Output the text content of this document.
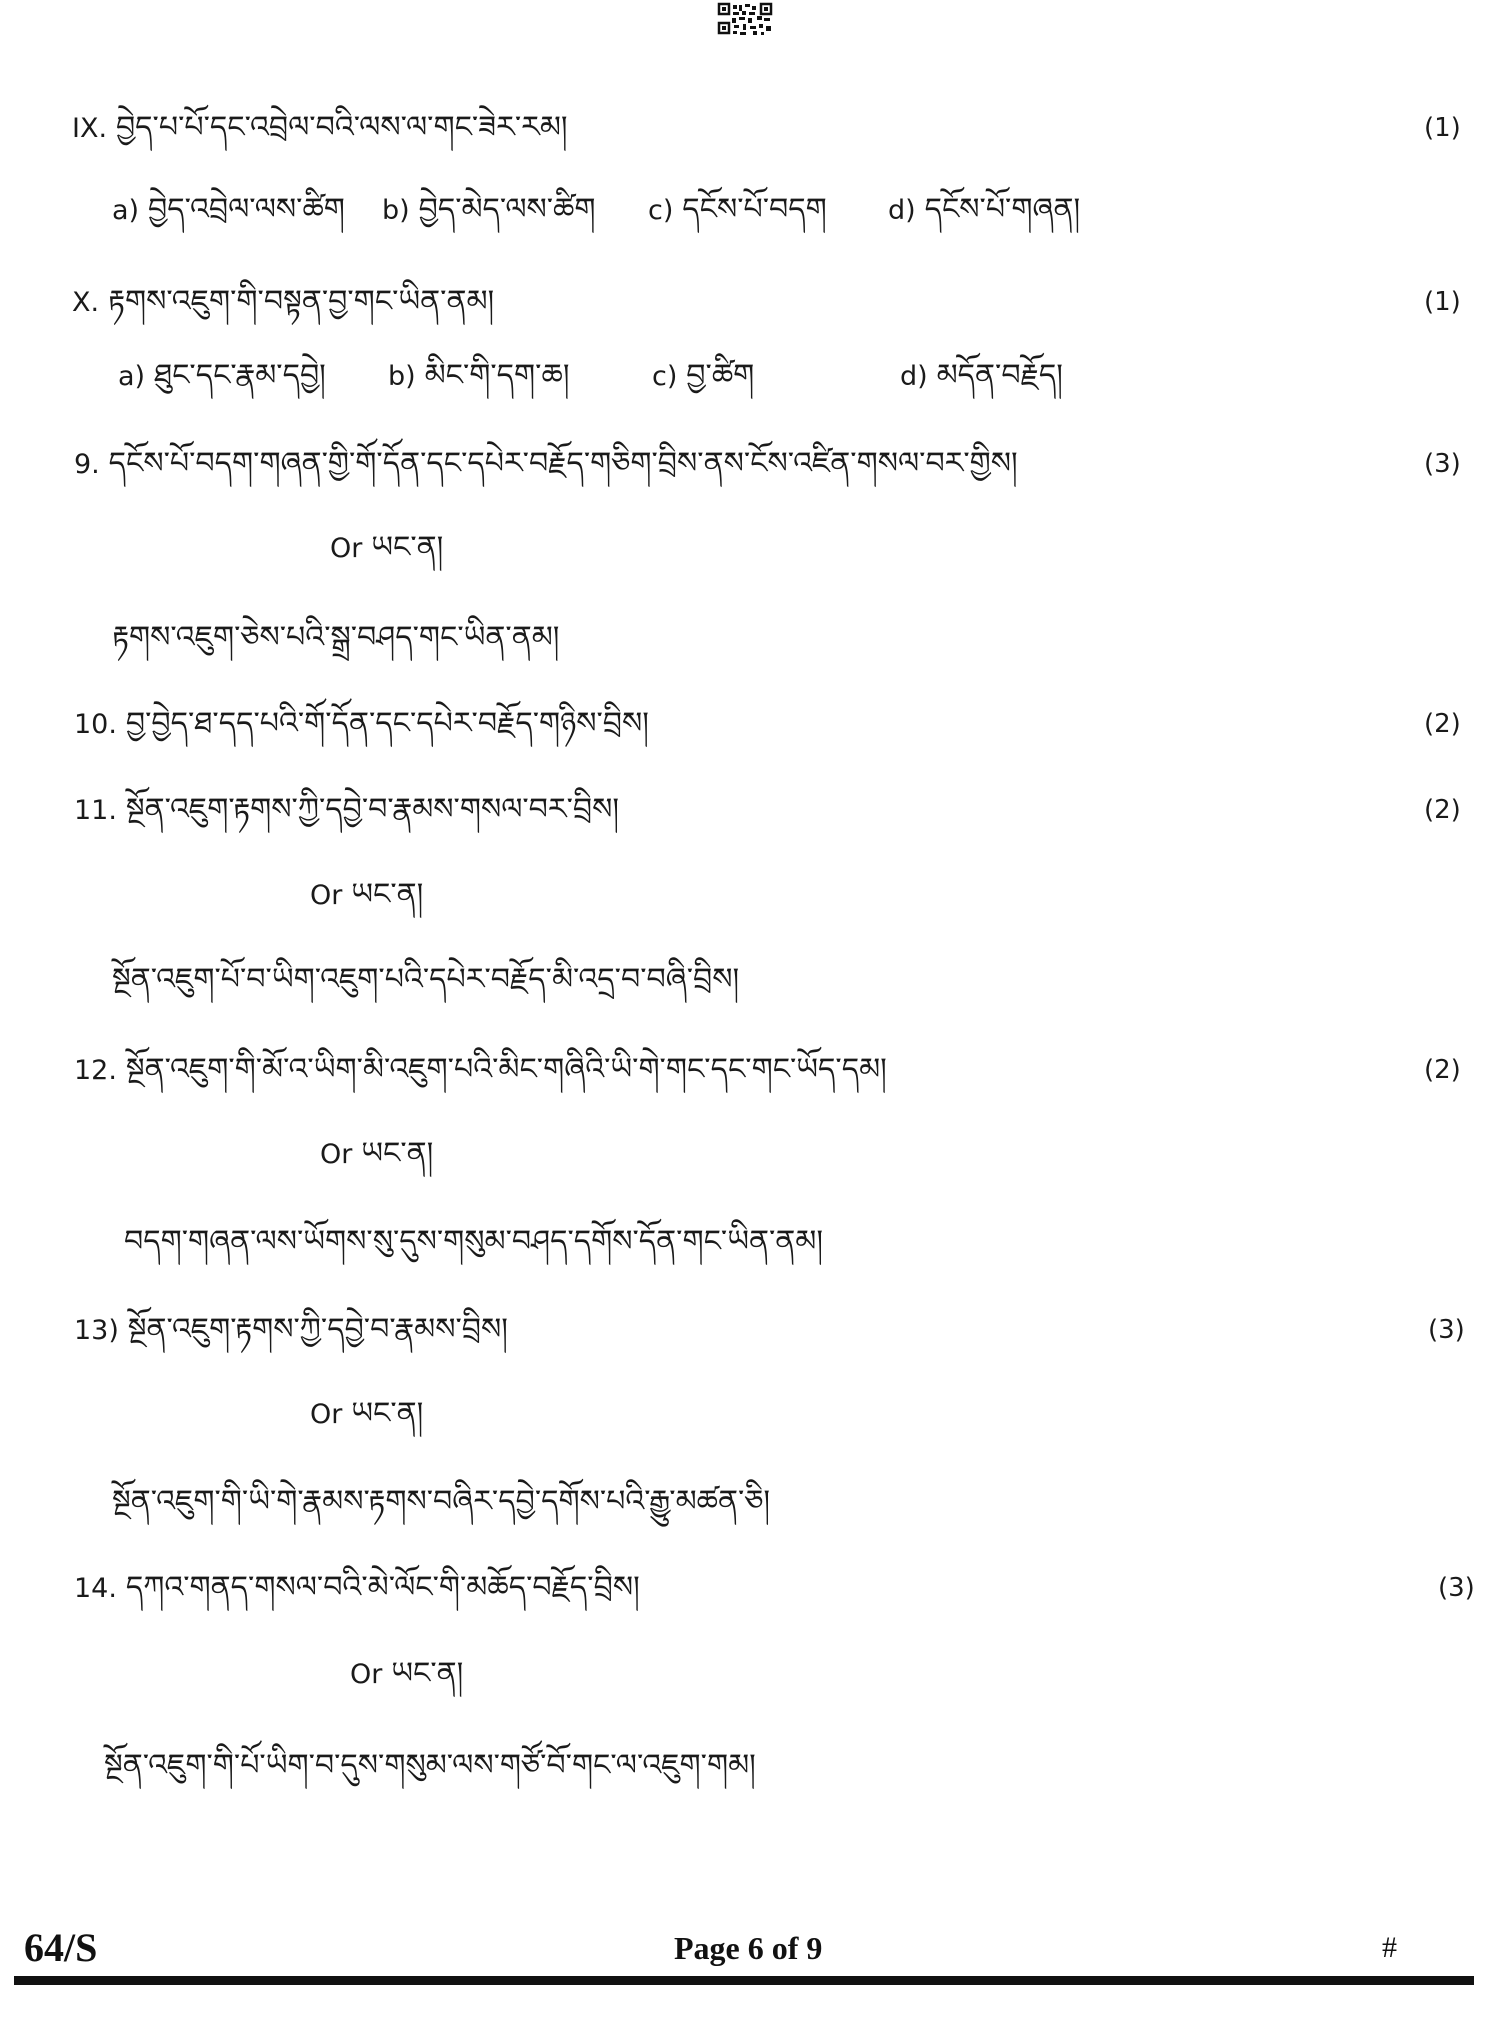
IX. བྱེད་པ་པོ་དང་འབྲེལ་བའི་ལས་ལ་གང་ཟེར་རམ།	(1)
a) བྱེད་འབྲེལ་ལས་ཚིག b) བྱེད་མེད་ལས་ཚིག c) དངོས་པོ་བདག d) དངོས་པོ་གཞན།
X. རྟགས་འཇུག་གི་བསྟན་བྱ་གང་ཡིན་ནམ།	(1)
a) ཐུང་དང་རྣམ་དབྱེ། b) མིང་གི་དག་ཆ།	c) བྱ་ཚིག	d) མདོན་བརྗོད།
9. དངོས་པོ་བདག་གཞན་གྱི་གོ་དོན་དང་དཔེར་བརྗོད་གཅིག་བྲིས་ནས་ངོས་འཛིན་གསལ་བར་གྱིས།	(3)
Or ཡང་ན།
རྟགས་འཇུག་ཅེས་པའི་སྒྲ་བཤད་གང་ཡིན་ནམ།
10. བྱ་བྱེད་ཐ་དད་པའི་གོ་དོན་དང་དཔེར་བརྗོད་གཉིས་བྲིས།	(2)
11. སྔོན་འཇུག་རྟགས་ཀྱི་དབྱེ་བ་རྣམས་གསལ་བར་བྲིས།	(2)
Or ཡང་ན།
སྔོན་འཇུག་པོ་བ་ཡིག་འཇུག་པའི་དཔེར་བརྗོད་མི་འདྲ་བ་བཞི་བྲིས།
12. སྔོན་འཇུག་གི་མོ་འ་ཡིག་མི་འཇུག་པའི་མིང་གཞིའི་ཡི་གེ་གང་དང་གང་ཡོད་དམ།	(2)
Or ཡང་ན།
བདག་གཞན་ལས་ཡོགས་སུ་དུས་གསུམ་བཤད་དགོས་དོན་གང་ཡིན་ནམ།
13) སྔོན་འཇུག་རྟགས་ཀྱི་དབྱེ་བ་རྣམས་བྲིས།	(3)
Or ཡང་ན།
སྔོན་འཇུག་གི་ཡི་གེ་རྣམས་རྟགས་བཞིར་དབྱེ་དགོས་པའི་རྒྱུ་མཚན་ཅི།
14. དཀའ་གནད་གསལ་བའི་མེ་ལོང་གི་མཆོད་བརྗོད་བྲིས།	(3)
Or ཡང་ན།
སྔོན་འཇུག་གི་པོ་ཡིག་བ་དུས་གསུམ་ལས་གཙོ་བོ་གང་ལ་འཇུག་གམ།
64/S	Page 6 of 9	#
